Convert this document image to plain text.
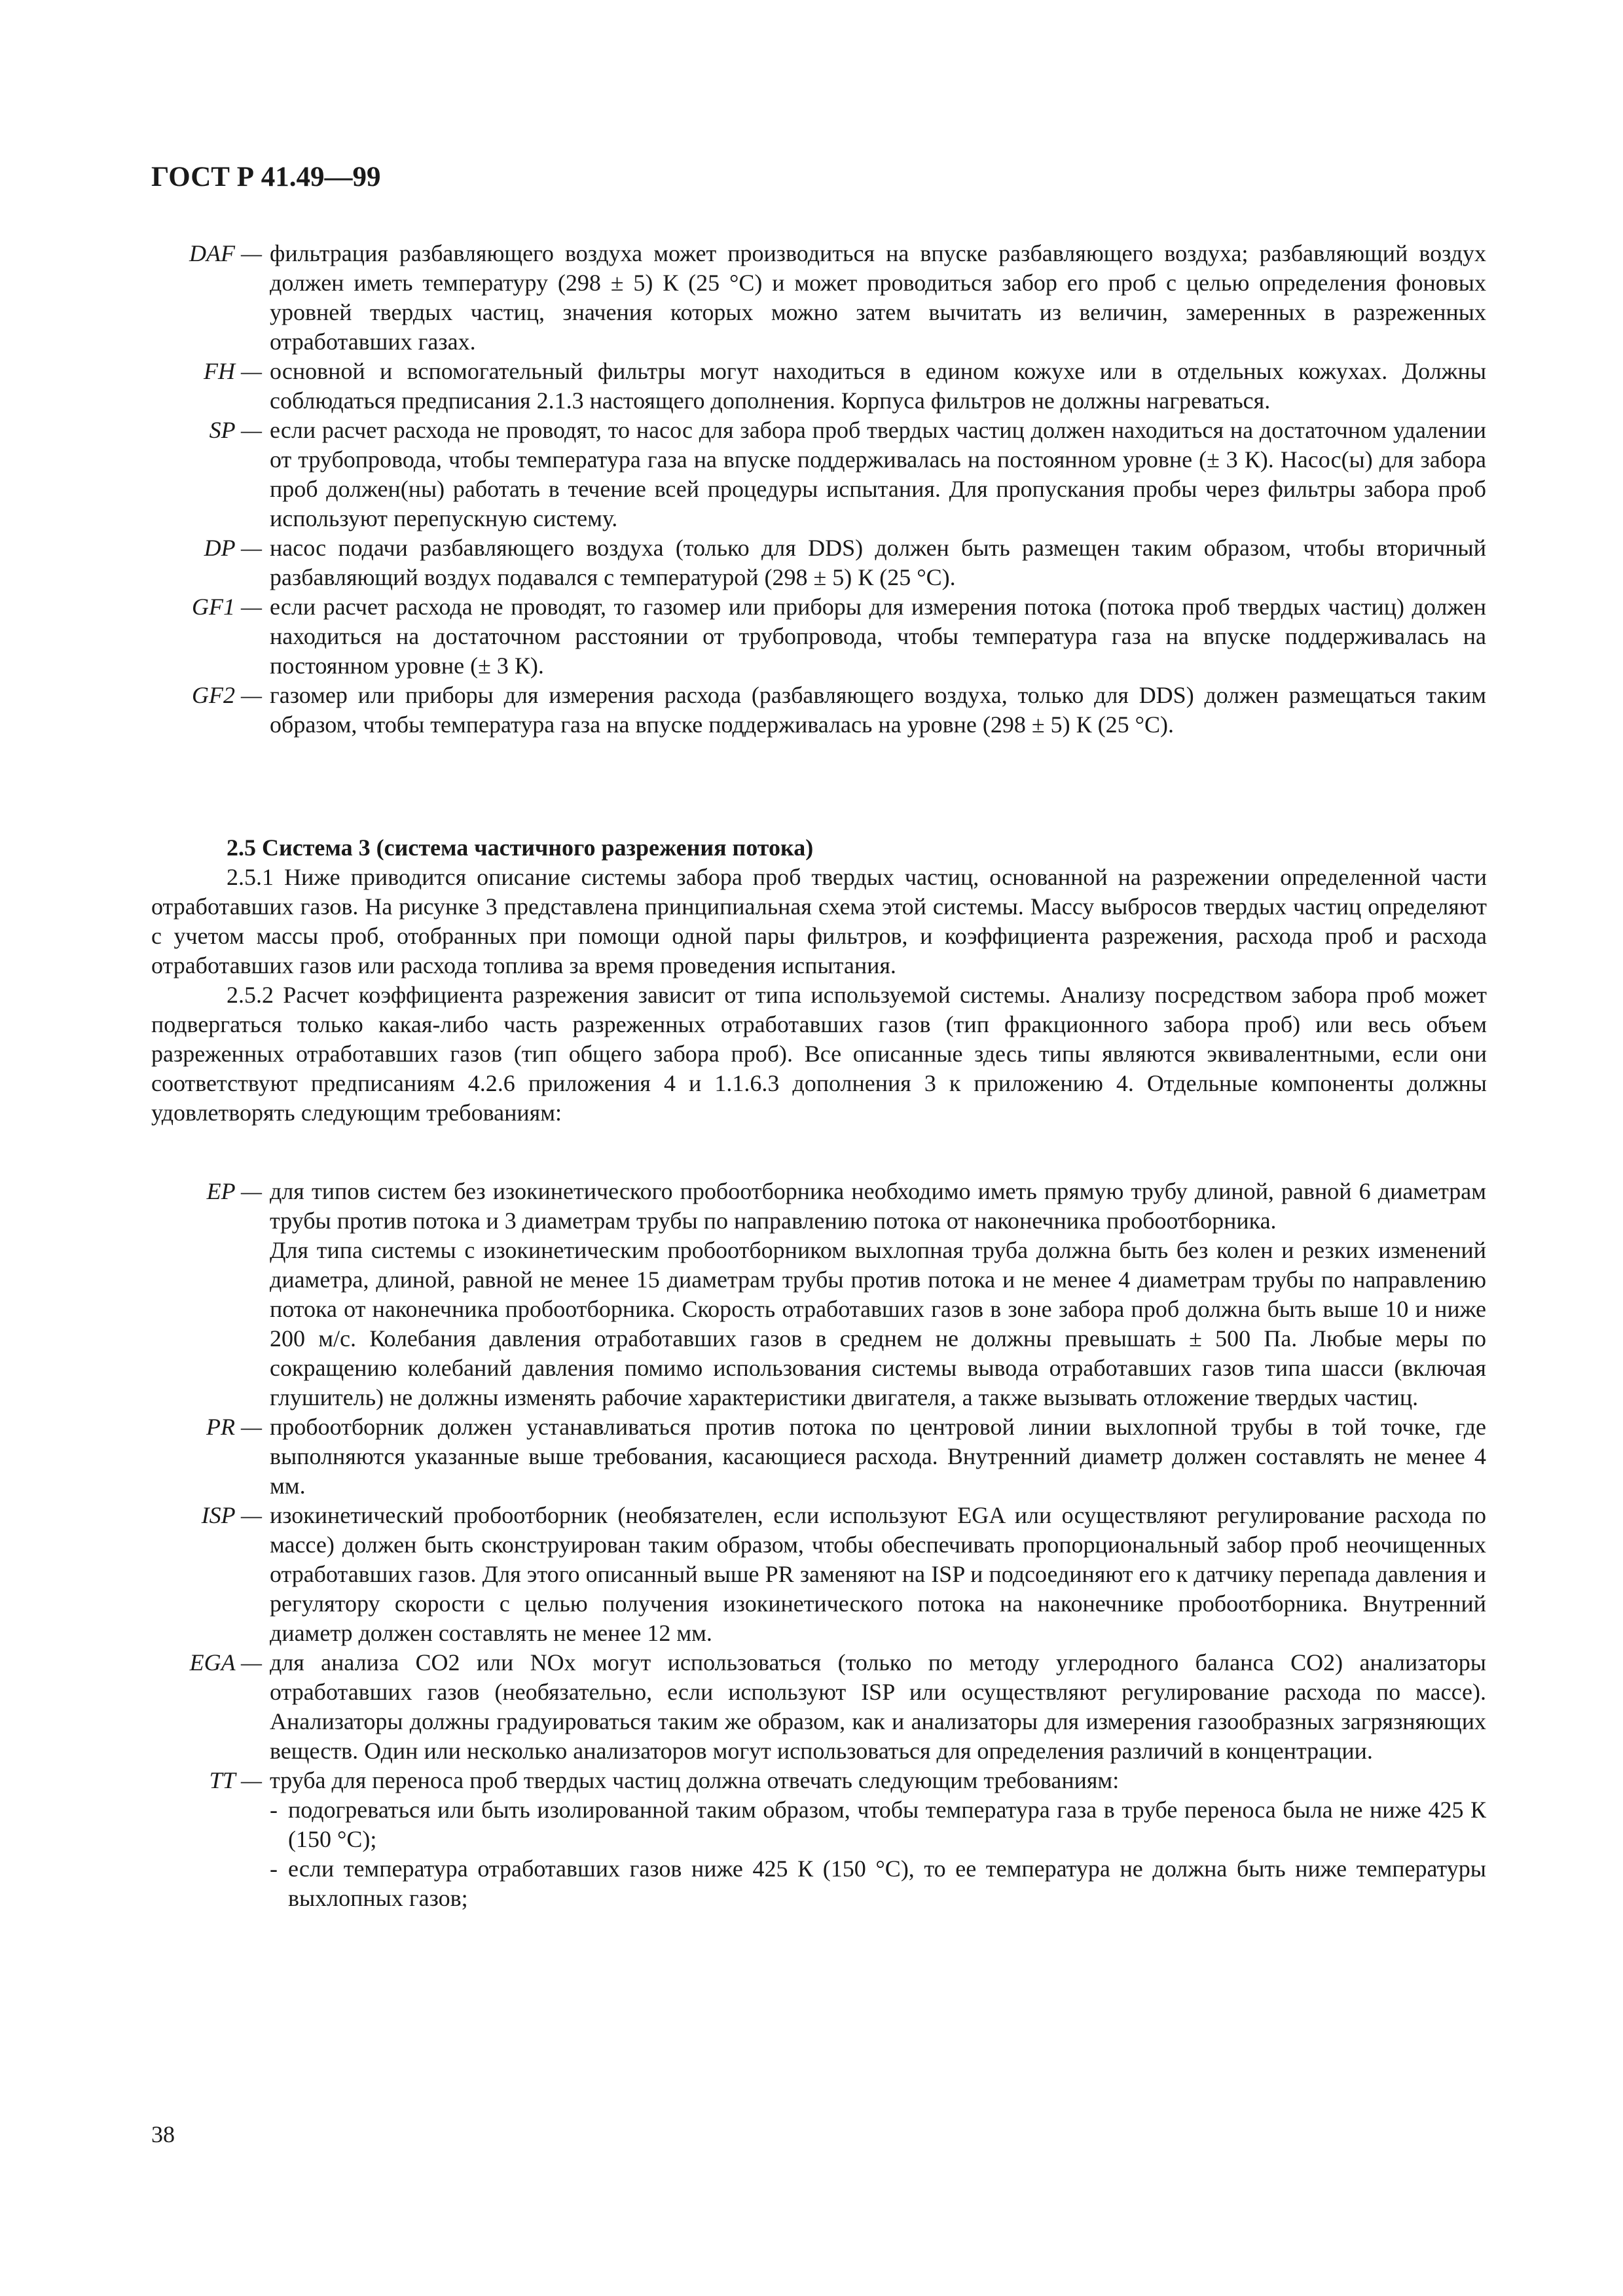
ГОСТ Р 41.49—99
DAF — фильтрация разбавляющего воздуха может производиться на впуске разбавляющего воздуха; разбавляющий воздух должен иметь температуру (298 ± 5) К (25 °С) и может проводиться забор его проб с целью определения фоновых уровней твердых частиц, значения которых можно затем вычитать из величин, замеренных в разреженных отработавших газах.
FH — основной и вспомогательный фильтры могут находиться в едином кожухе или в отдельных кожухах. Должны соблюдаться предписания 2.1.3 настоящего дополнения. Корпуса фильтров не должны нагреваться.
SP — если расчет расхода не проводят, то насос для забора проб твердых частиц должен находиться на достаточном удалении от трубопровода, чтобы температура газа на впуске поддерживалась на постоянном уровне (± 3 К). Насос(ы) для забора проб должен(ны) работать в течение всей процедуры испытания. Для пропускания пробы через фильтры забора проб используют перепускную систему.
DP — насос подачи разбавляющего воздуха (только для DDS) должен быть размещен таким образом, чтобы вторичный разбавляющий воздух подавался с температурой (298 ± 5) К (25 °С).
GF1 — если расчет расхода не проводят, то газомер или приборы для измерения потока (потока проб твердых частиц) должен находиться на достаточном расстоянии от трубопровода, чтобы температура газа на впуске поддерживалась на постоянном уровне (± 3 К).
GF2 — газомер или приборы для измерения расхода (разбавляющего воздуха, только для DDS) должен размещаться таким образом, чтобы температура газа на впуске поддерживалась на уровне (298 ± 5) К (25 °С).

2.5 Система 3 (система частичного разрежения потока)

2.5.1 Ниже приводится описание системы забора проб твердых частиц, основанной на разрежении определенной части отработавших газов. На рисунке 3 представлена принципиальная схема этой системы. Массу выбросов твердых частиц определяют с учетом массы проб, отобранных при помощи одной пары фильтров, и коэффициента разрежения, расхода проб и расхода отработавших газов или расхода топлива за время проведения испытания.

2.5.2 Расчет коэффициента разрежения зависит от типа используемой системы. Анализу посредством забора проб может подвергаться только какая-либо часть разреженных отработавших газов (тип фракционного забора проб) или весь объем разреженных отработавших газов (тип общего забора проб). Все описанные здесь типы являются эквивалентными, если они соответствуют предписаниям 4.2.6 приложения 4 и 1.1.6.3 дополнения 3 к приложению 4. Отдельные компоненты должны удовлетворять следующим требованиям:

EP — для типов систем без изокинетического пробоотборника необходимо иметь прямую трубу длиной, равной 6 диаметрам трубы против потока и 3 диаметрам трубы по направлению потока от наконечника пробоотборника.

Для типа системы с изокинетическим пробоотборником выхлопная труба должна быть без колен и резких изменений диаметра, длиной, равной не менее 15 диаметрам трубы против потока и не менее 4 диаметрам трубы по направлению потока от наконечника пробоотборника. Скорость отработавших газов в зоне забора проб должна быть выше 10 и ниже 200 м/с. Колебания давления отработавших газов в среднем не должны превышать ± 500 Па. Любые меры по сокращению колебаний давления помимо использования системы вывода отработавших газов типа шасси (включая глушитель) не должны изменять рабочие характеристики двигателя, а также вызывать отложение твердых частиц.

PR — пробоотборник должен устанавливаться против потока по центровой линии выхлопной трубы в той точке, где выполняются указанные выше требования, касающиеся расхода. Внутренний диаметр должен составлять не менее 4 мм.
ISP — изокинетический пробоотборник (необязателен, если используют EGA или осуществляют регулирование расхода по массе) должен быть сконструирован таким образом, чтобы обеспечивать пропорциональный забор проб неочищенных отработавших газов. Для этого описанный выше PR заменяют на ISP и подсоединяют его к датчику перепада давления и регулятору скорости с целью получения изокинетического потока на наконечнике пробоотборника. Внутренний диаметр должен составлять не менее 12 мм.
EGA — для анализа CO2 или NOx могут использоваться (только по методу углеродного баланса CO2) анализаторы отработавших газов (необязательно, если используют ISP или осуществляют регулирование расхода по массе). Анализаторы должны градуироваться таким же образом, как и анализаторы для измерения газообразных загрязняющих веществ. Один или несколько анализаторов могут использоваться для определения различий в концентрации.
TT — труба для переноса проб твердых частиц должна отвечать следующим требованиям:

- подогреваться или быть изолированной таким образом, чтобы температура газа в трубе переноса была не ниже 425 К (150 °С);
- если температура отработавших газов ниже 425 К (150 °С), то ее температура не должна быть ниже температуры выхлопных газов;
38
